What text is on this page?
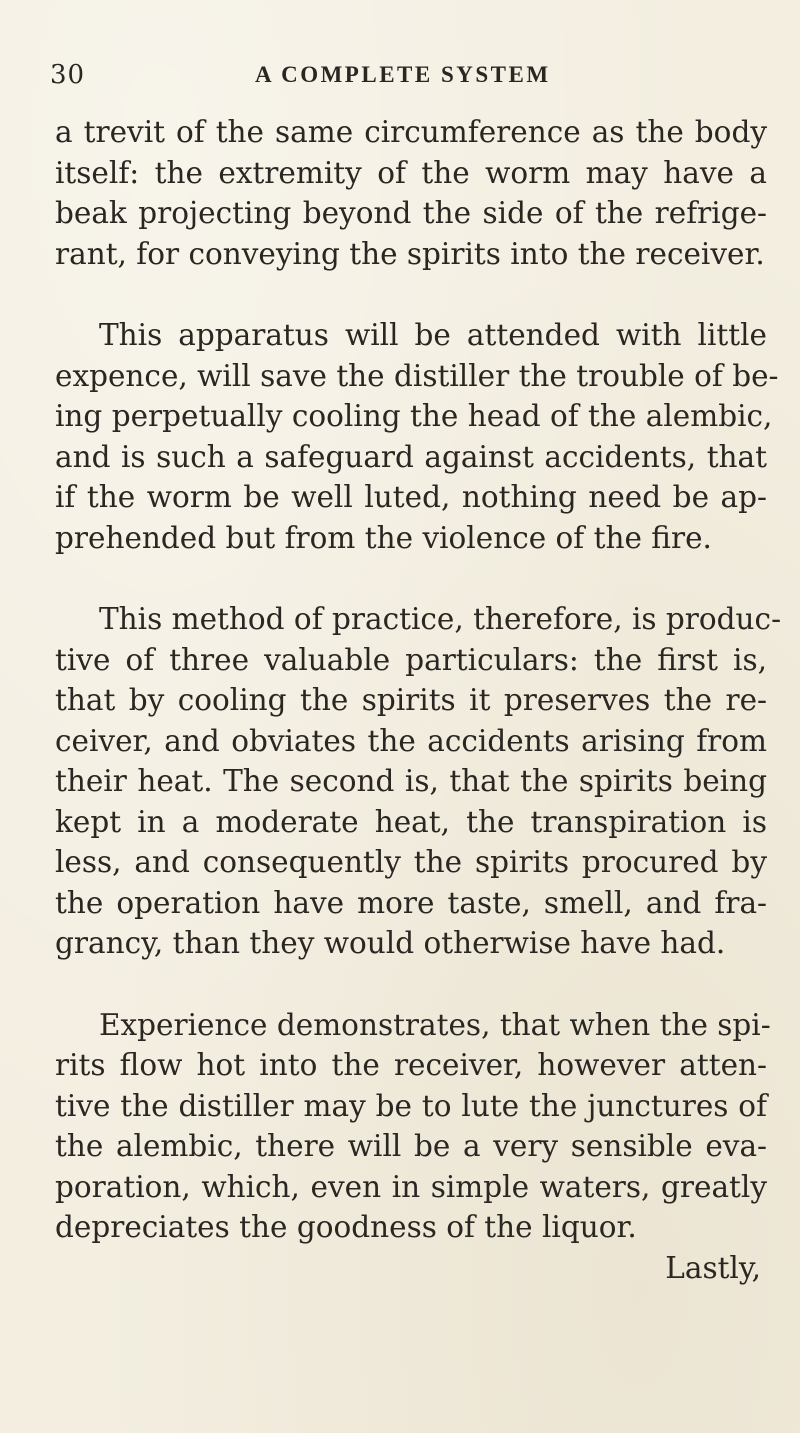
30	A COMPLETE SYSTEM
a trevit of the same circumference as the body
itself: the extremity of the worm may have a
beak projecting beyond the side of the refrige-
rant, for conveying the spirits into the receiver.
This apparatus will be attended with little
expence, will save the distiller the trouble of be-
ing perpetually cooling the head of the alembic,
and is such a safeguard against accidents, that
if the worm be well luted, nothing need be ap-
prehended but from the violence of the fire.
This method of practice, therefore, is produc-
tive of three valuable particulars: the first is,
that by cooling the spirits it preserves the re-
ceiver, and obviates the accidents arising from
their heat. The second is, that the spirits being
kept in a moderate heat, the transpiration is
less, and consequently the spirits procured by
the operation have more taste, smell, and fra-
grancy, than they would otherwise have had.
Experience demonstrates, that when the spi-
rits flow hot into the receiver, however atten-
tive the distiller may be to lute the junctures of
the alembic, there will be a very sensible eva-
poration, which, even in simple waters, greatly
depreciates the goodness of the liquor.
Lastly,
